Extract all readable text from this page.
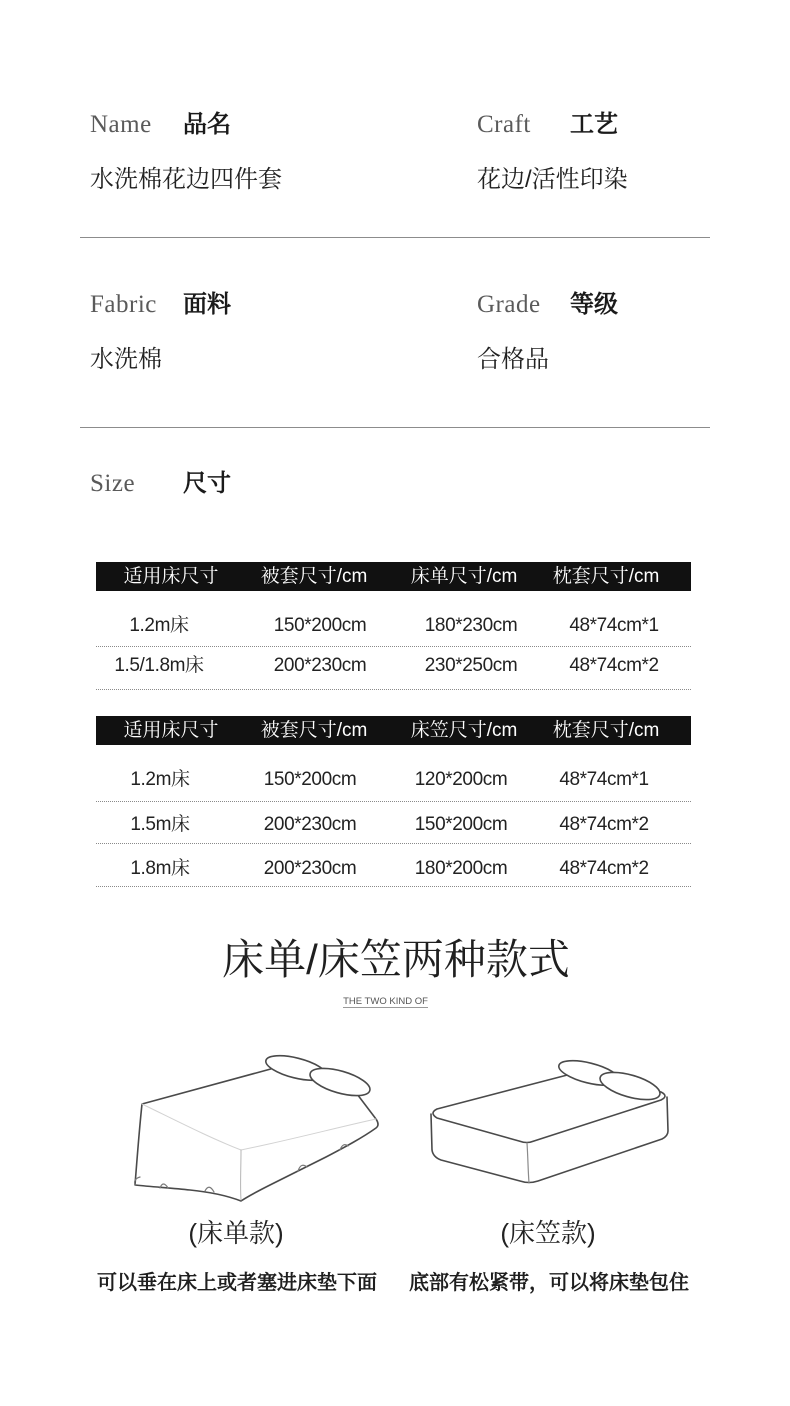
Name 品名
水洗棉花边四件套
Craft 工艺
花边/活性印染
Fabric 面料
水洗棉
Grade 等级
合格品
Size 尺寸
适用床尺寸	被套尺寸/cm	床单尺寸/cm	枕套尺寸/cm
1.2m床	150*200cm	180*230cm	48*74cm*1
1.5/1.8m床	200*230cm	230*250cm	48*74cm*2
适用床尺寸	被套尺寸/cm	床笠尺寸/cm	枕套尺寸/cm
1.2m床	150*200cm	120*200cm	48*74cm*1
1.5m床	200*230cm	150*200cm	48*74cm*2
1.8m床	200*230cm	180*200cm	48*74cm*2
床单/床笠两种款式
THE TWO KIND OF
(床单款)	(床笠款)
可以垂在床上或者塞进床垫下面	底部有松紧带，可以将床垫包住
